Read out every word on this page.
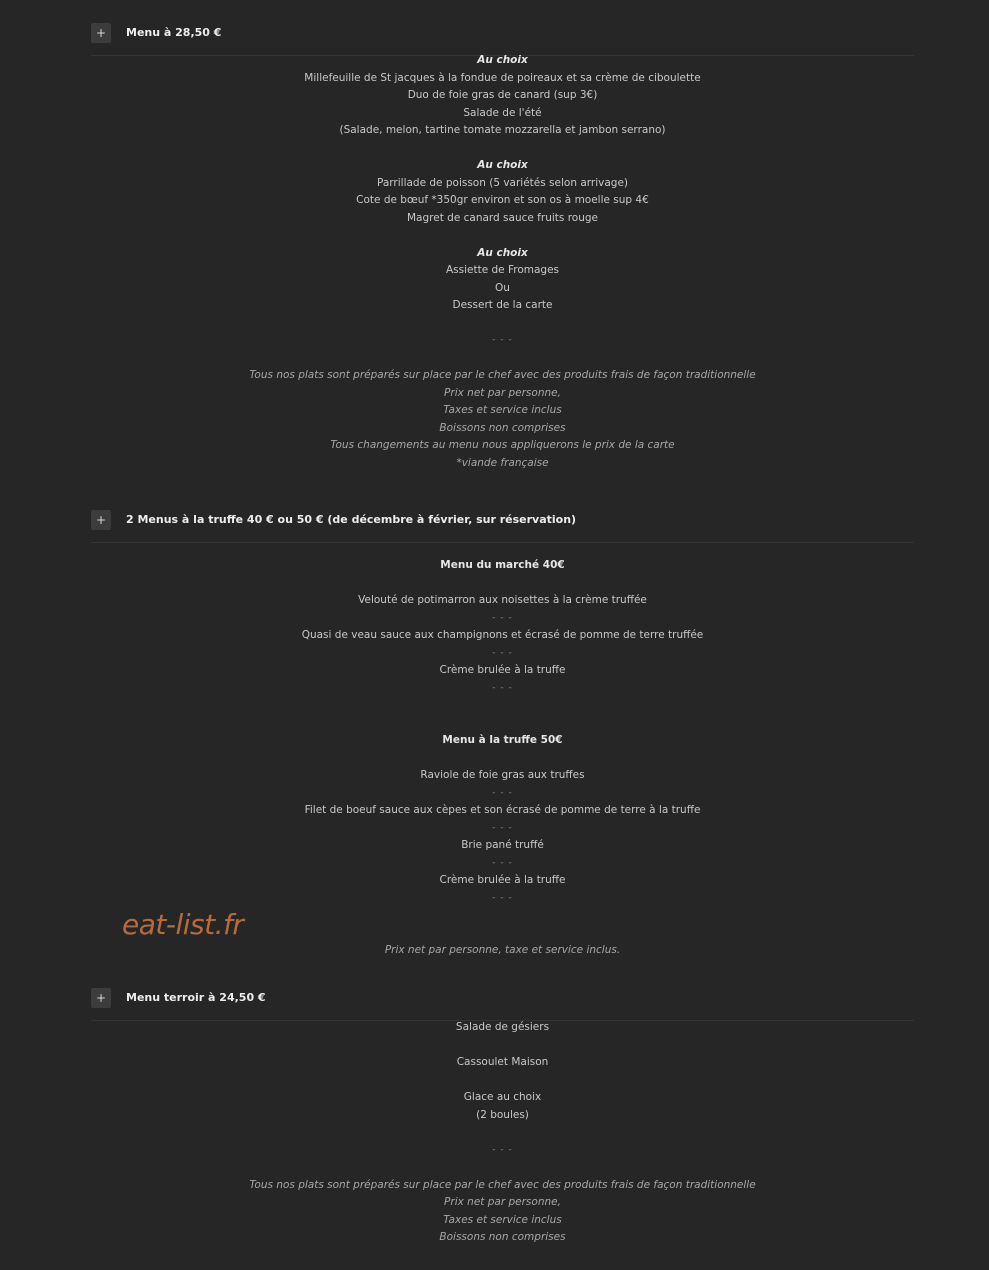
+	Menu à 28,50 €
Au choix
Millefeuille de St jacques à la fondue de poireaux et sa crème de ciboulette
Duo de foie gras de canard (sup 3€)
Salade de l'été
(Salade, melon, tartine tomate mozzarella et jambon serrano)
Au choix
Parrillade de poisson (5 variétés selon arrivage)
Cote de bœuf *350gr environ et son os à moelle sup 4€
Magret de canard sauce fruits rouge
Au choix
Assiette de Fromages
Ou
Dessert de la carte
- - -
Tous nos plats sont préparés sur place par le chef avec des produits frais de façon traditionnelle
Prix net par personne,
Taxes et service inclus
Boissons non comprises
Tous changements au menu nous appliquerons le prix de la carte
*viande française
+	2 Menus à la truffe 40 € ou 50 € (de décembre à février, sur réservation)
Menu du marché 40€
Velouté de potimarron aux noisettes à la crème truffée
- - -
Quasi de veau sauce aux champignons et écrasé de pomme de terre truffée
- - -
Crème brulée à la truffe
- - -
Menu à la truffe 50€
Raviole de foie gras aux truffes
- - -
Filet de boeuf sauce aux cèpes et son écrasé de pomme de terre à la truffe
- - -
Brie pané truffé
- - -
Crème brulée à la truffe
- - -
Prix net par personne, taxe et service inclus.
+	Menu terroir à 24,50 €
Salade de gésiers
Cassoulet Maison
Glace au choix
(2 boules)
- - -
Tous nos plats sont préparés sur place par le chef avec des produits frais de façon traditionnelle
Prix net par personne,
Taxes et service inclus
Boissons non comprises
eat-list.fr
